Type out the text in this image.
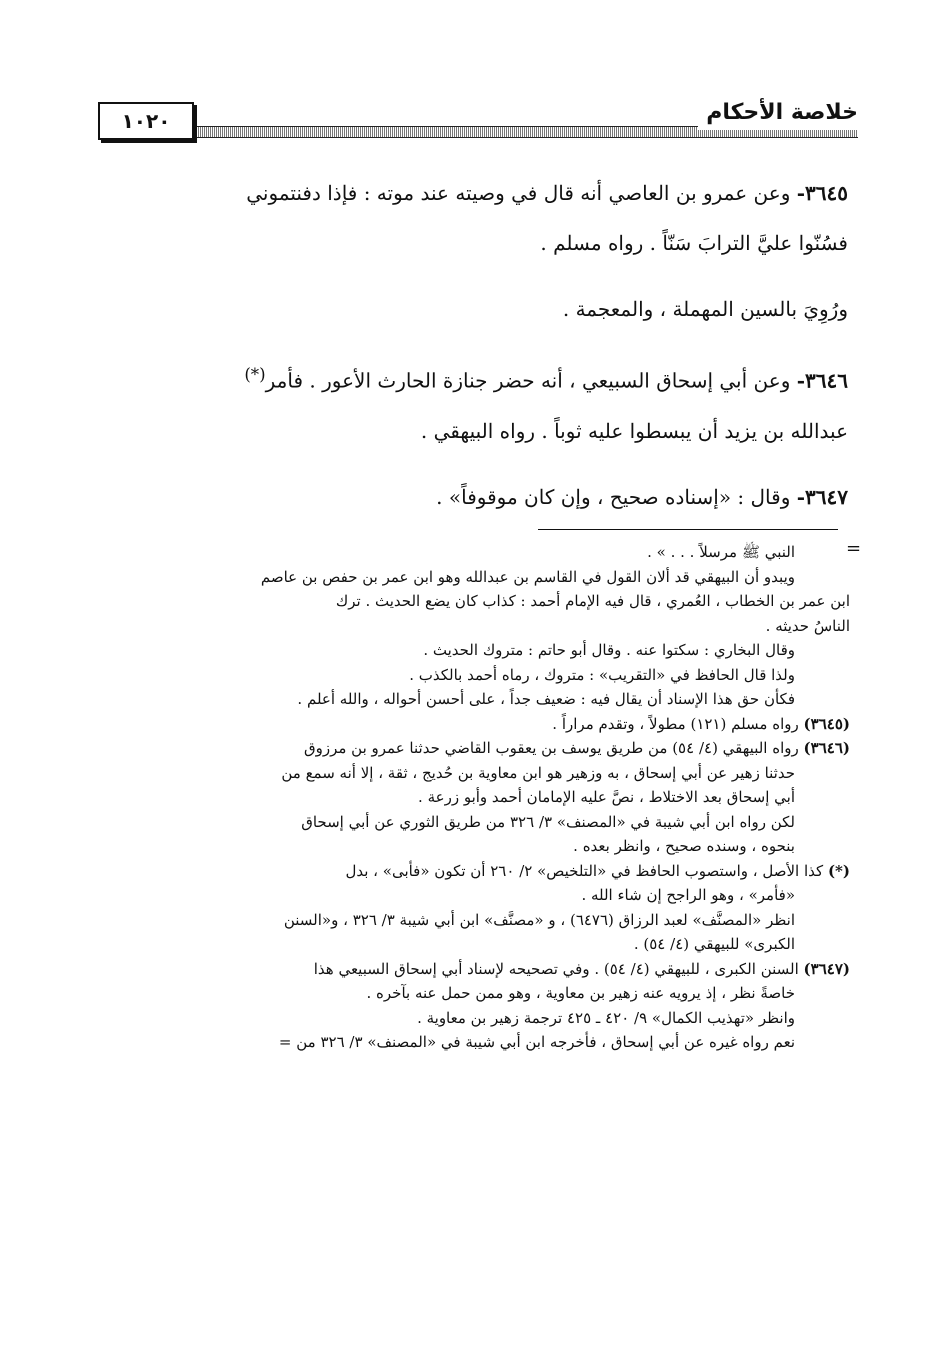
خلاصة الأحكام
١٠٢٠

٣٦٤٥- وعن عمرو بن العاصي أنه قال في وصيته عند موته : فإذا دفنتموني

فسُنّوا عليَّ الترابَ سَنّاً . رواه مسلم .

ورُوِيَ بالسين المهملة ، والمعجمة .

٣٦٤٦- وعن أبي إسحاق السبيعي ، أنه حضر جنازة الحارث الأعور . فأمر(*)

عبدالله بن يزيد أن يبسطوا عليه ثوباً . رواه البيهقي .

٣٦٤٧- وقال : «إسناده صحيح ، وإن كان موقوفاً» .

=

النبي ﷺ مرسلاً . . . » .

ويبدو أن البيهقي قد ألان القول في القاسم بن عبدالله وهو ابن عمر بن حفص بن عاصم

ابن عمر بن الخطاب ، العُمري ، قال فيه الإمام أحمد : كذاب كان يضع الحديث . ترك

الناسُ حديثه .

وقال البخاري : سكتوا عنه . وقال أبو حاتم : متروك الحديث .

ولذا قال الحافظ في «التقريب» : متروك ، رماه أحمد بالكذب .

فكأن حق هذا الإسناد أن يقال فيه : ضعيف جداً ، على أحسن أحواله ، والله أعلم .

(٣٦٤٥) رواه مسلم (١٢١) مطولاً ، وتقدم مراراً .

(٣٦٤٦) رواه البيهقي (٤/ ٥٤) من طريق يوسف بن يعقوب القاضي حدثنا عمرو بن مرزوق

حدثنا زهير عن أبي إسحاق ، به وزهير هو ابن معاوية بن حُديج ، ثقة ، إلا أنه سمع من

أبي إسحاق بعد الاختلاط ، نصَّ عليه الإمامان أحمد وأبو زرعة .

لكن رواه ابن أبي شيبة في «المصنف» ٣/ ٣٢٦ من طريق الثوري عن أبي إسحاق

بنحوه ، وسنده صحيح ، وانظر بعده .

(*) كذا الأصل ، واستصوب الحافظ في «التلخيص» ٢/ ٢٦٠ أن تكون «فأبى» ، بدل

«فأمر» ، وهو الراجح إن شاء الله .

انظر «المصنَّف» لعبد الرزاق (٦٤٧٦) ، و «مصنَّف» ابن أبي شيبة ٣/ ٣٢٦ ، و«السنن

الكبرى» للبيهقي (٤/ ٥٤) .

(٣٦٤٧) السنن الكبرى ، للبيهقي (٤/ ٥٤) . وفي تصحيحه لإسناد أبي إسحاق السبيعي هذا

خاصةً نظر ، إذ يرويه عنه زهير بن معاوية ، وهو ممن حمل عنه بآخره .

وانظر «تهذيب الكمال» ٩/ ٤٢٠ ـ ٤٢٥ ترجمة زهير بن معاوية .

نعم رواه غيره عن أبي إسحاق ، فأخرجه ابن أبي شيبة في «المصنف» ٣/ ٣٢٦ من =
